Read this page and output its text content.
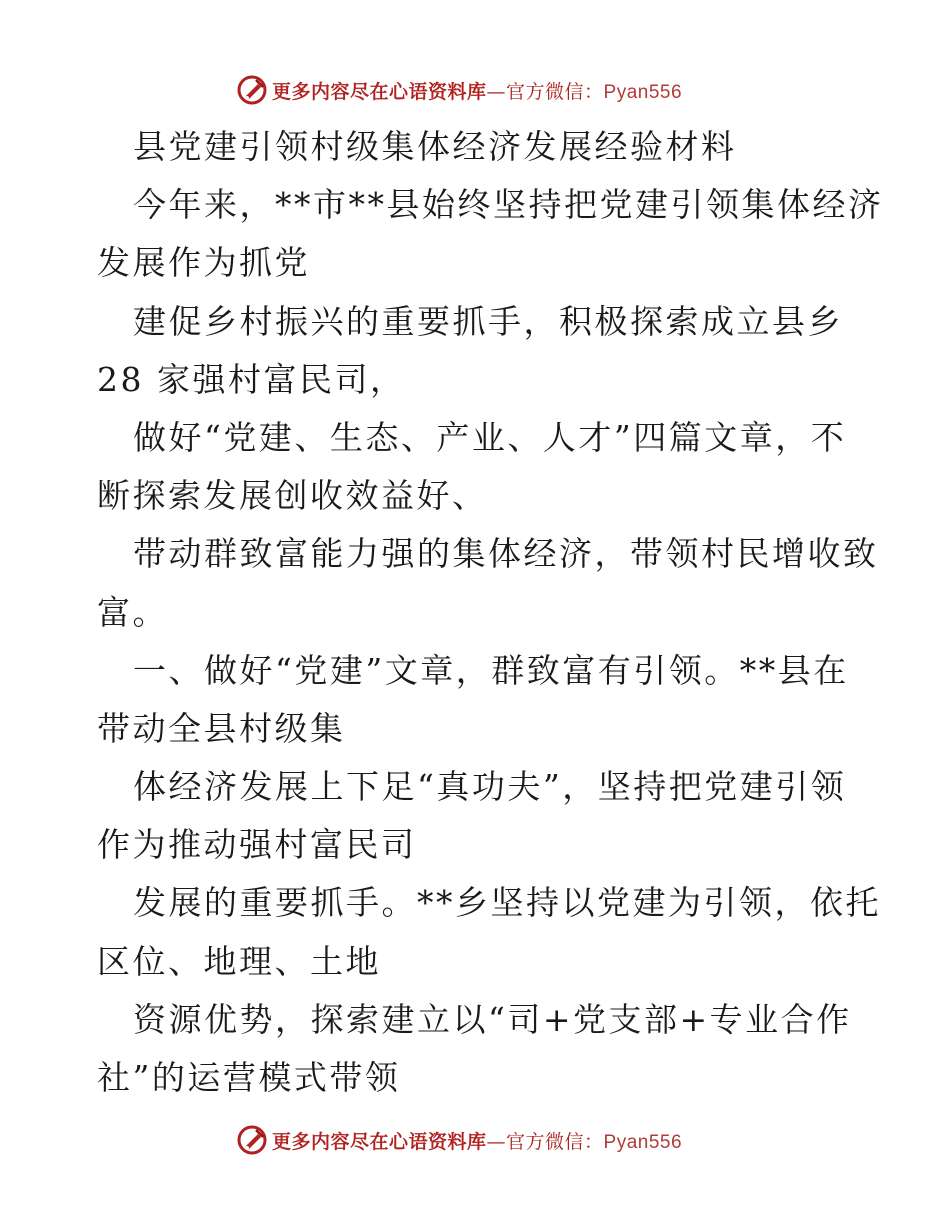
更多内容尽在心语资料库—官方微信：Pyan556
县党建引领村级集体经济发展经验材料
今年来，**市**县始终坚持把党建引领集体经济
发展作为抓党
建促乡村振兴的重要抓手，积极探索成立县乡
28 家强村富民司，
做好“党建、生态、产业、人才”四篇文章，不
断探索发展创收效益好、
带动群致富能力强的集体经济，带领村民增收致
富。
一、做好“党建”文章，群致富有引领。**县在
带动全县村级集
体经济发展上下足“真功夫”，坚持把党建引领
作为推动强村富民司
发展的重要抓手。**乡坚持以党建为引领，依托
区位、地理、土地
资源优势，探索建立以“司+党支部+专业合作
社”的运营模式带领
更多内容尽在心语资料库—官方微信：Pyan556
